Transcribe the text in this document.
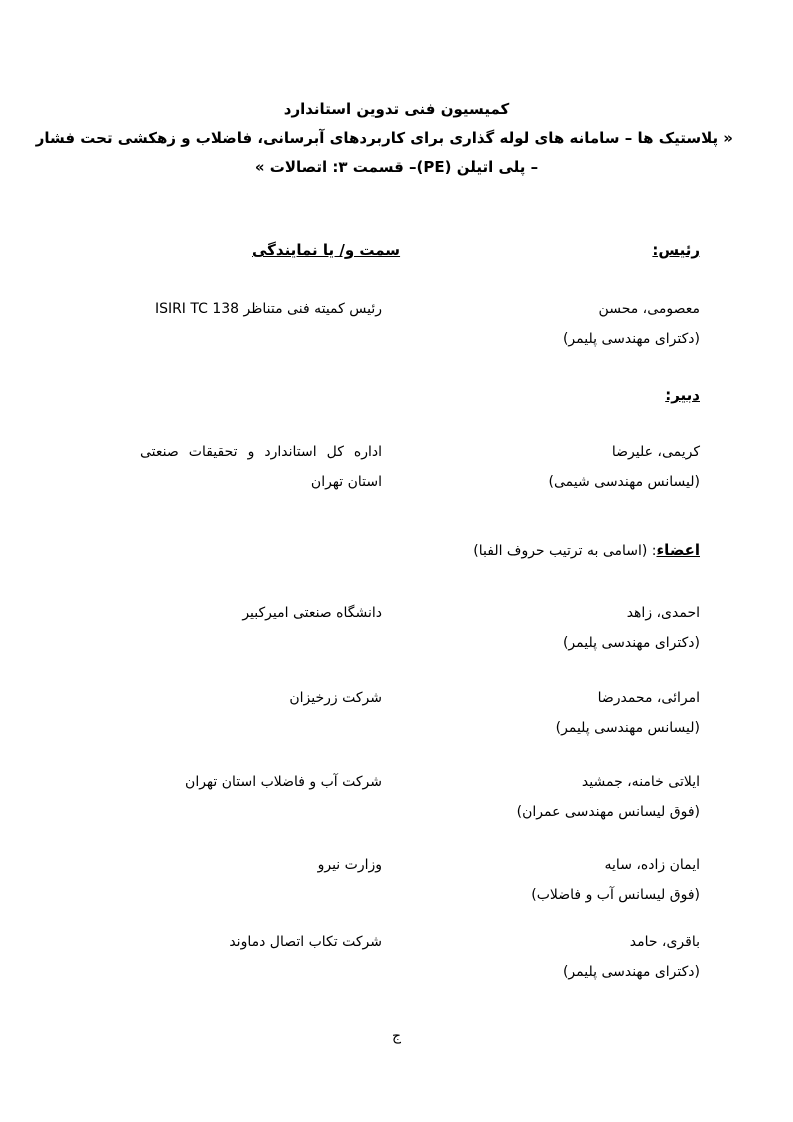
کمیسیون فنی تدوین استاندارد
« پلاستیک ها – سامانه های لوله گذاری برای کاربردهای آبرسانی، فاضلاب و زهکشی تحت فشار
– پلی اتیلن (PE)– قسمت ۳: اتصالات »
رئیس:
سمت و/ یا نمایندگی
معصومی، محسن
(دکترای مهندسی پلیمر)
رئیس کمیته فنی متناظر ISIRI TC 138
دبیر:
کریمی، علیرضا
(لیسانس مهندسی شیمی)
اداره کل استاندارد و تحقیقات صنعتی استان تهران
اعضاء: (اسامی به ترتیب حروف الفبا)
احمدی، زاهد
(دکترای مهندسی پلیمر)
دانشگاه صنعتی امیرکبیر
امرائی، محمدرضا
(لیسانس مهندسی پلیمر)
شرکت زرخیزان
ایلاتی خامنه، جمشید
(فوق لیسانس مهندسی عمران)
شرکت آب و فاضلاب استان تهران
ایمان زاده، سایه
(فوق لیسانس آب و فاضلاب)
وزارت نیرو
باقری، حامد
(دکترای مهندسی پلیمر)
شرکت تکاب اتصال دماوند
ج
